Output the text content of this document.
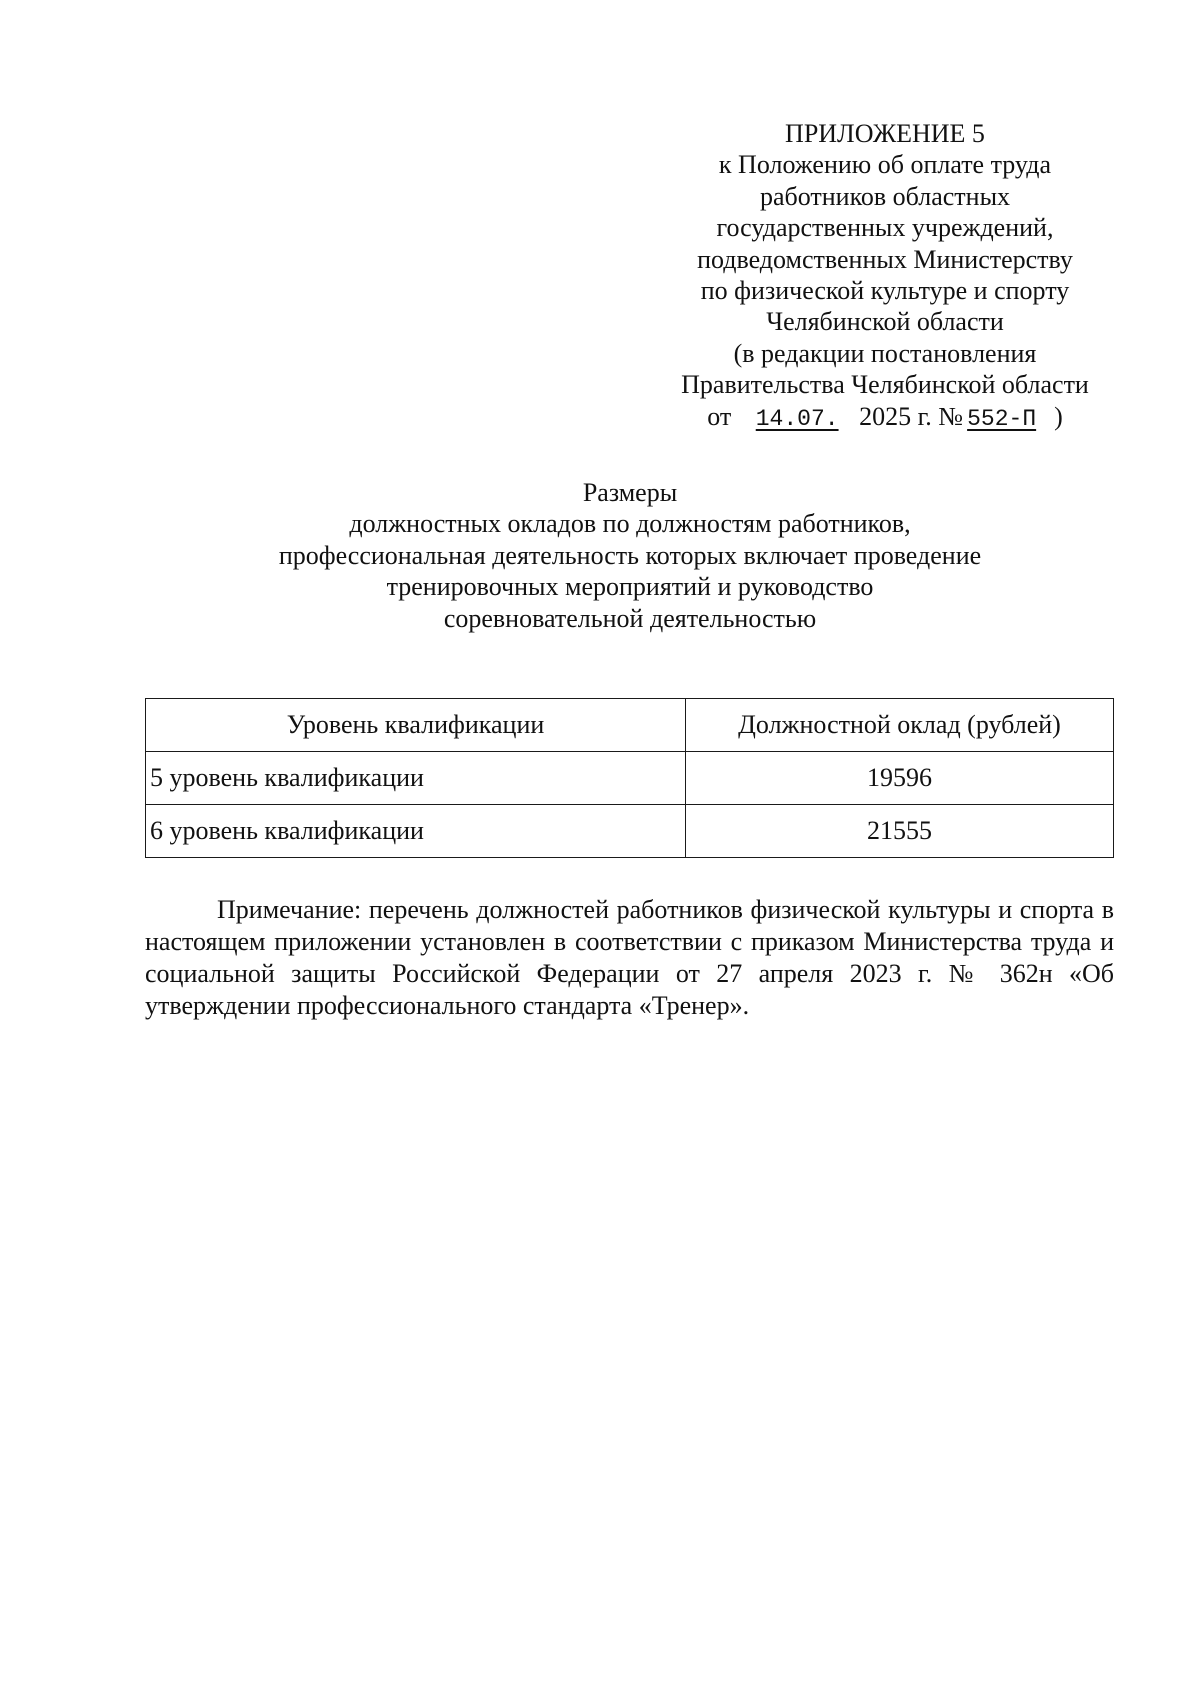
ПРИЛОЖЕНИЕ 5
к Положению об оплате труда
работников областных
государственных учреждений,
подведомственных Министерству
по физической культуре и спорту
Челябинской области
(в редакции постановления
Правительства Челябинской области
от 14.07. 2025 г. № 552-П )
Размеры
должностных окладов по должностям работников,
профессиональная деятельность которых включает проведение
тренировочных мероприятий и руководство
соревновательной деятельностью
Уровень квалификации	Должностной оклад (рублей)
5 уровень квалификации	19596
6 уровень квалификации	21555
Примечание: перечень должностей работников физической культуры и спорта в настоящем приложении установлен в соответствии с приказом Министерства труда и социальной защиты Российской Федерации от 27 апреля 2023 г. № 362н «Об утверждении профессионального стандарта «Тренер».
